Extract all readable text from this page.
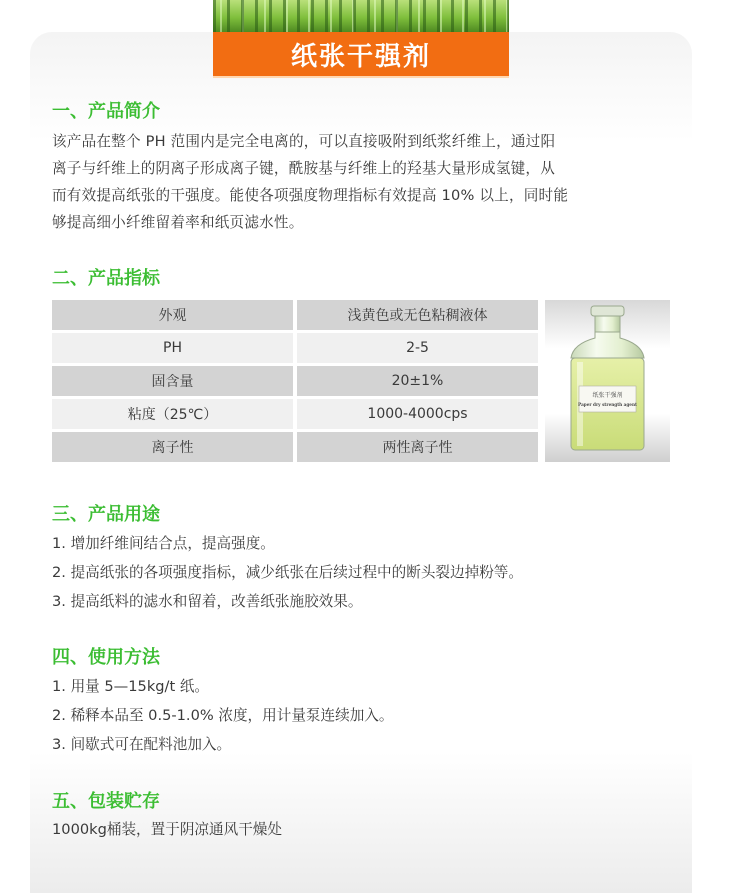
纸张干强剂
一、产品简介
该产品在整个 PH 范围内是完全电离的，可以直接吸附到纸浆纤维上，通过阳
离子与纤维上的阴离子形成离子键，酰胺基与纤维上的羟基大量形成氢键，从
而有效提高纸张的干强度。能使各项强度物理指标有效提高 10% 以上，同时能
够提高细小纤维留着率和纸页滤水性。
二、产品指标
外观	浅黄色或无色粘稠液体
PH	2-5
固含量	20±1%
粘度（25℃）	1000-4000cps
离子性	两性离子性
纸张干强剂
Paper dry strength agent
三、产品用途
1. 增加纤维间结合点，提高强度。
2. 提高纸张的各项强度指标，减少纸张在后续过程中的断头裂边掉粉等。
3. 提高纸料的滤水和留着，改善纸张施胶效果。
四、使用方法
1. 用量 5—15kg/t 纸。
2. 稀释本品至 0.5-1.0% 浓度，用计量泵连续加入。
3. 间歇式可在配料池加入。
五、包装贮存
1000kg桶装，置于阴凉通风干燥处
